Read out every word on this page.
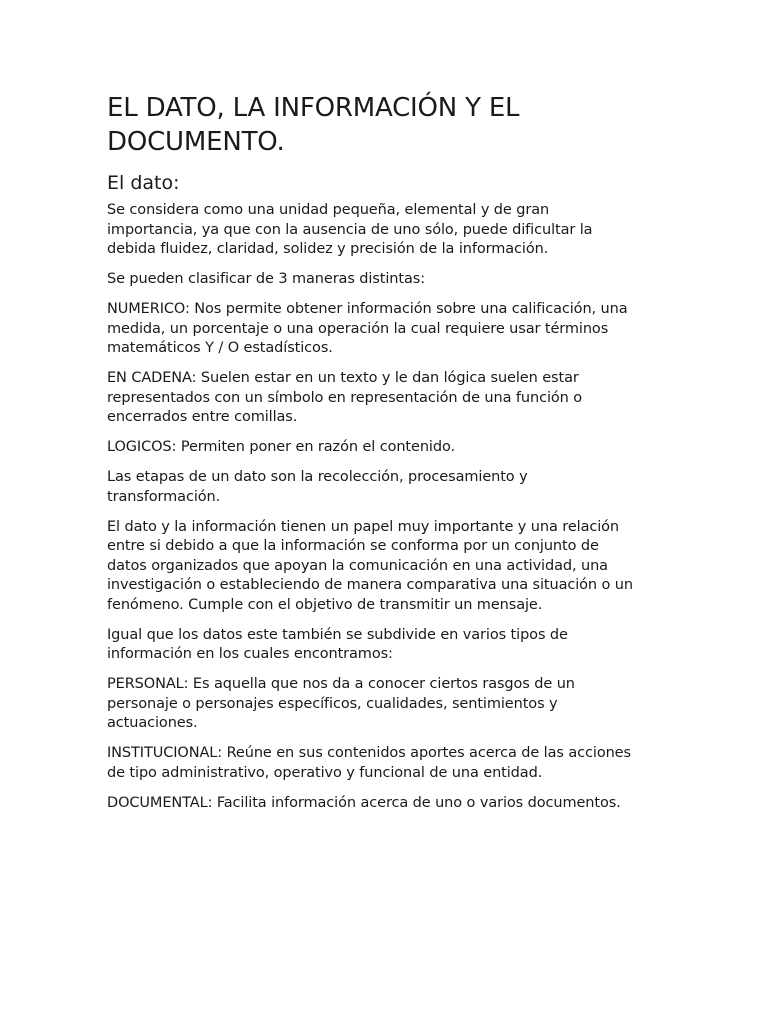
EL DATO, LA INFORMACIÓN Y EL
DOCUMENTO.
El dato:

Se considera como una unidad pequeña, elemental y de gran
importancia, ya que con la ausencia de uno sólo, puede dificultar la
debida fluidez, claridad, solidez y precisión de la información.

Se pueden clasificar de 3 maneras distintas:

NUMERICO: Nos permite obtener información sobre una calificación, una
medida, un porcentaje o una operación la cual requiere usar términos
matemáticos Y / O estadísticos.

EN CADENA: Suelen estar en un texto y le dan lógica suelen estar
representados con un símbolo en representación de una función o
encerrados entre comillas.

LOGICOS: Permiten poner en razón el contenido.

Las etapas de un dato son la recolección, procesamiento y
transformación.

El dato y la información tienen un papel muy importante y una relación
entre si debido a que la información se conforma por un conjunto de
datos organizados que apoyan la comunicación en una actividad, una
investigación o estableciendo de manera comparativa una situación o un
fenómeno. Cumple con el objetivo de transmitir un mensaje.

Igual que los datos este también se subdivide en varios tipos de
información en los cuales encontramos:

PERSONAL: Es aquella que nos da a conocer ciertos rasgos de un
personaje o personajes específicos, cualidades, sentimientos y
actuaciones.

INSTITUCIONAL: Reúne en sus contenidos aportes acerca de las acciones
de tipo administrativo, operativo y funcional de una entidad.

DOCUMENTAL: Facilita información acerca de uno o varios documentos.
